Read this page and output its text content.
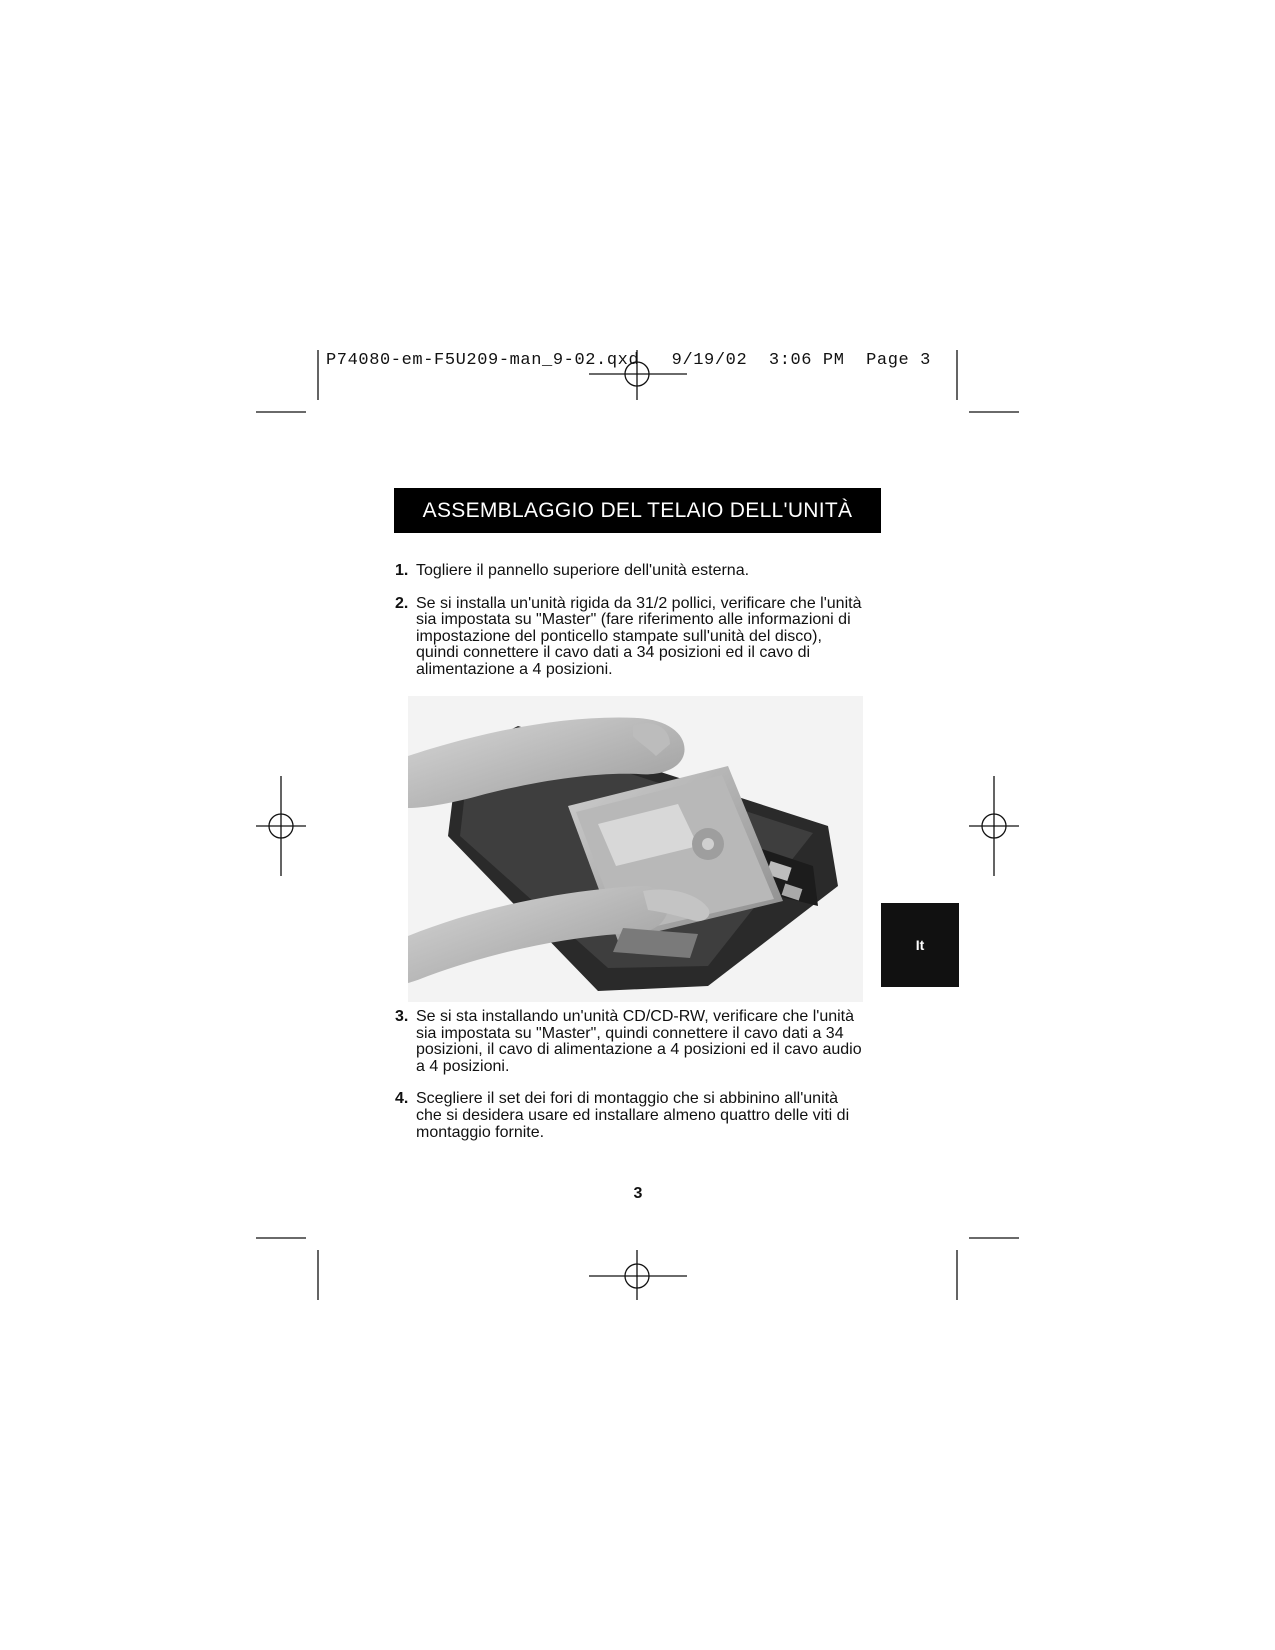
P74080-em-F5U209-man_9-02.qxd 9/19/02 3:06 PM Page 3
ASSEMBLAGGIO DEL TELAIO DELL'UNITÀ
1. Togliere il pannello superiore dell'unità esterna.
2. Se si installa un'unità rigida da 31/2 pollici, verificare che l'unità sia impostata su "Master" (fare riferimento alle informazioni di impostazione del ponticello stampate sull'unità del disco), quindi connettere il cavo dati a 34 posizioni ed il cavo di alimentazione a 4 posizioni.
3. Se si sta installando un'unità CD/CD-RW, verificare che l'unità sia impostata su "Master", quindi connettere il cavo dati a 34 posizioni, il cavo di alimentazione a 4 posizioni ed il cavo audio a 4 posizioni.
4. Scegliere il set dei fori di montaggio che si abbinino all'unità che si desidera usare ed installare almeno quattro delle viti di montaggio fornite.
It
3
